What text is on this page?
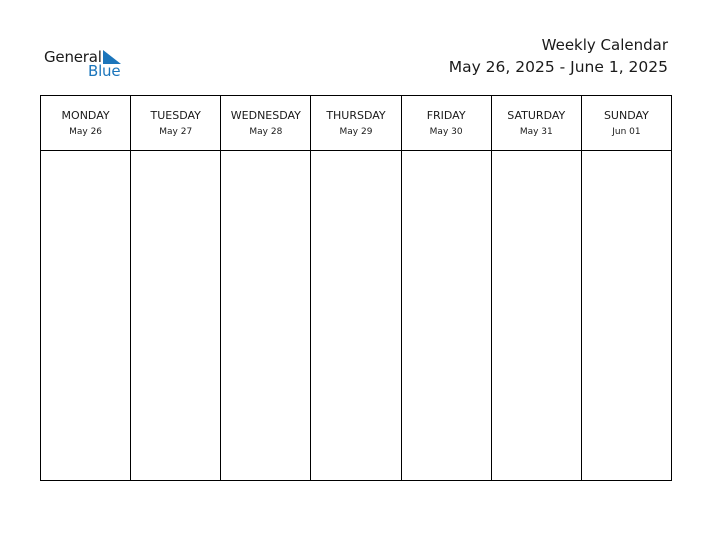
General
Blue
Weekly Calendar
May 26, 2025 - June 1, 2025
MONDAY
May 26
TUESDAY
May 27
WEDNESDAY
May 28
THURSDAY
May 29
FRIDAY
May 30
SATURDAY
May 31
SUNDAY
Jun 01
